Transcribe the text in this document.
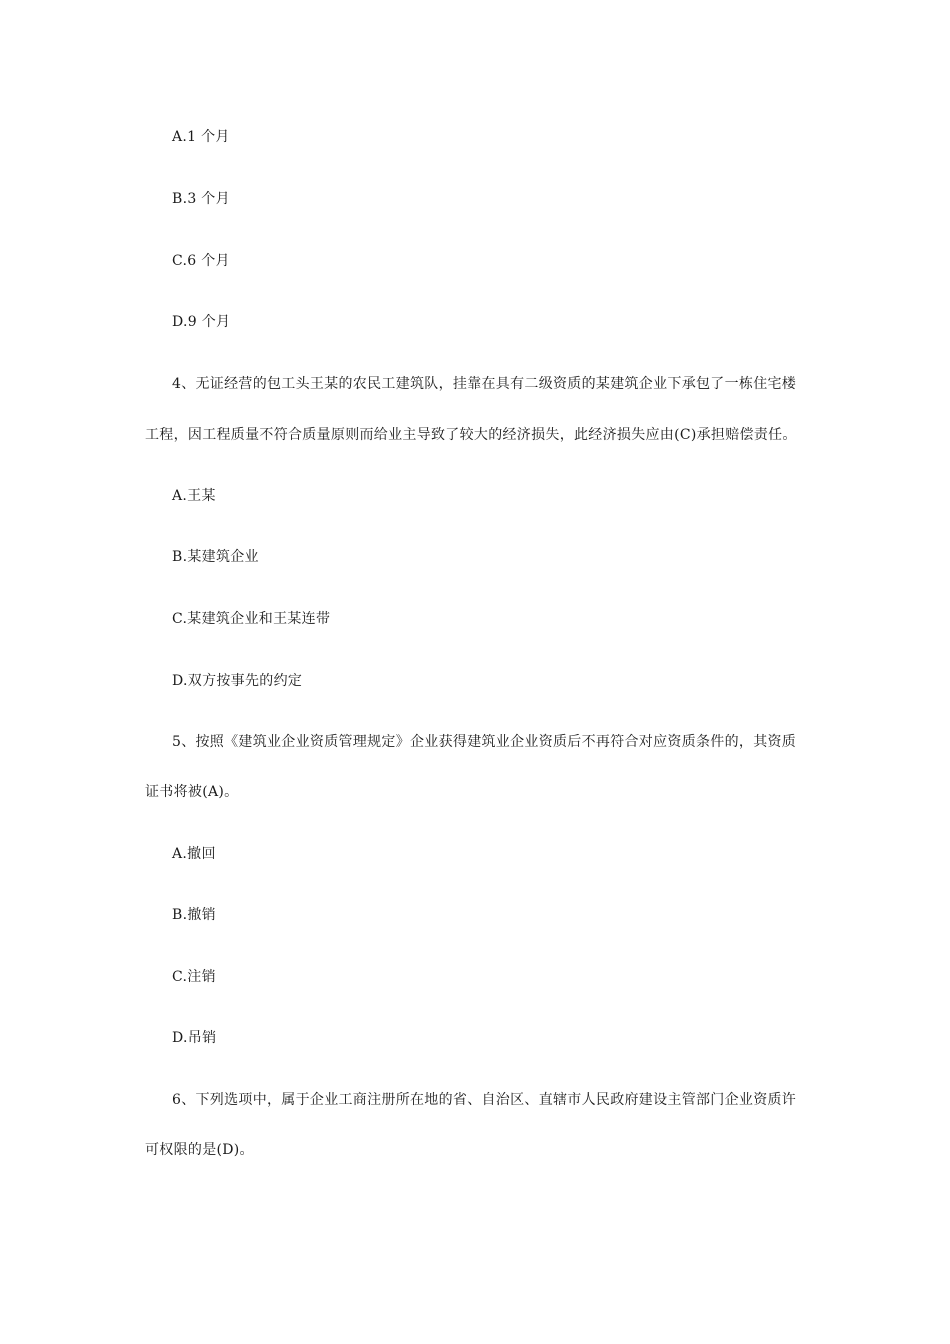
A.1 个月
B.3 个月
C.6 个月
D.9 个月
4、无证经营的包工头王某的农民工建筑队，挂靠在具有二级资质的某建筑企业下承包了一栋住宅楼
工程，因工程质量不符合质量原则而给业主导致了较大的经济损失，此经济损失应由(C)承担赔偿责任。
A.王某
B.某建筑企业
C.某建筑企业和王某连带
D.双方按事先的约定
5、按照《建筑业企业资质管理规定》企业获得建筑业企业资质后不再符合对应资质条件的，其资质
证书将被(A)。
A.撤回
B.撤销
C.注销
D.吊销
6、下列选项中，属于企业工商注册所在地的省、自治区、直辖市人民政府建设主管部门企业资质许
可权限的是(D)。
